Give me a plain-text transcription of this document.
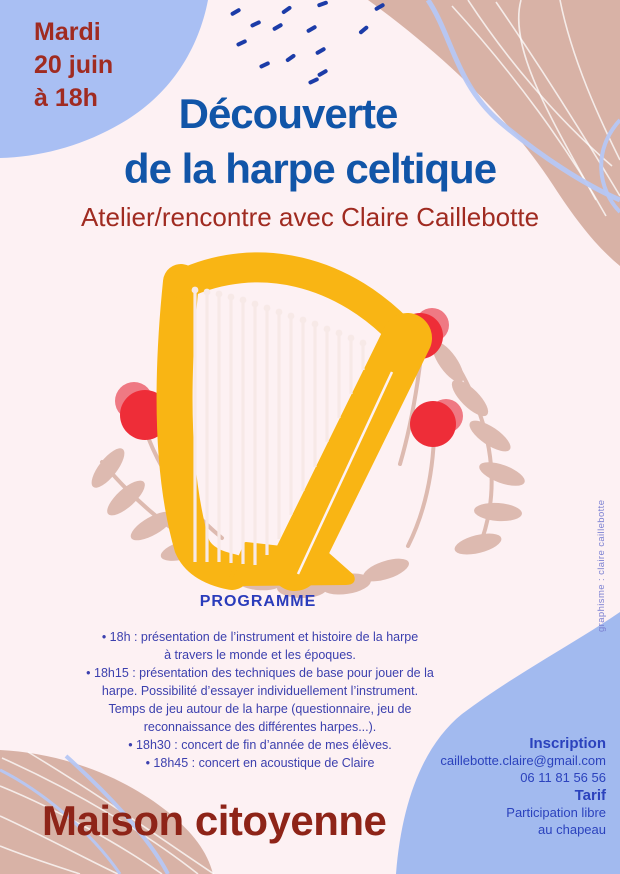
Mardi
20 juin
à 18h	Découverte
de la harpe celtique
Atelier/rencontre avec Claire Caillebotte
PROGRAMME
• 18h : présentation de l’instrument et histoire de la harpe
à travers le monde et les époques.
• 18h15 : présentation des techniques de base pour jouer de la
harpe. Possibilité d’essayer individuellement l’instrument.
Temps de jeu autour de la harpe (questionnaire, jeu de
reconnaissance des différentes harpes...).
• 18h30 : concert de fin d’année de mes élèves.
• 18h45 : concert en acoustique de Claire
Maison citoyenne
Inscription
caillebotte.claire@gmail.com
06 11 81 56 56
Tarif
Participation libre
au chapeau
graphisme : claire caillebotte
